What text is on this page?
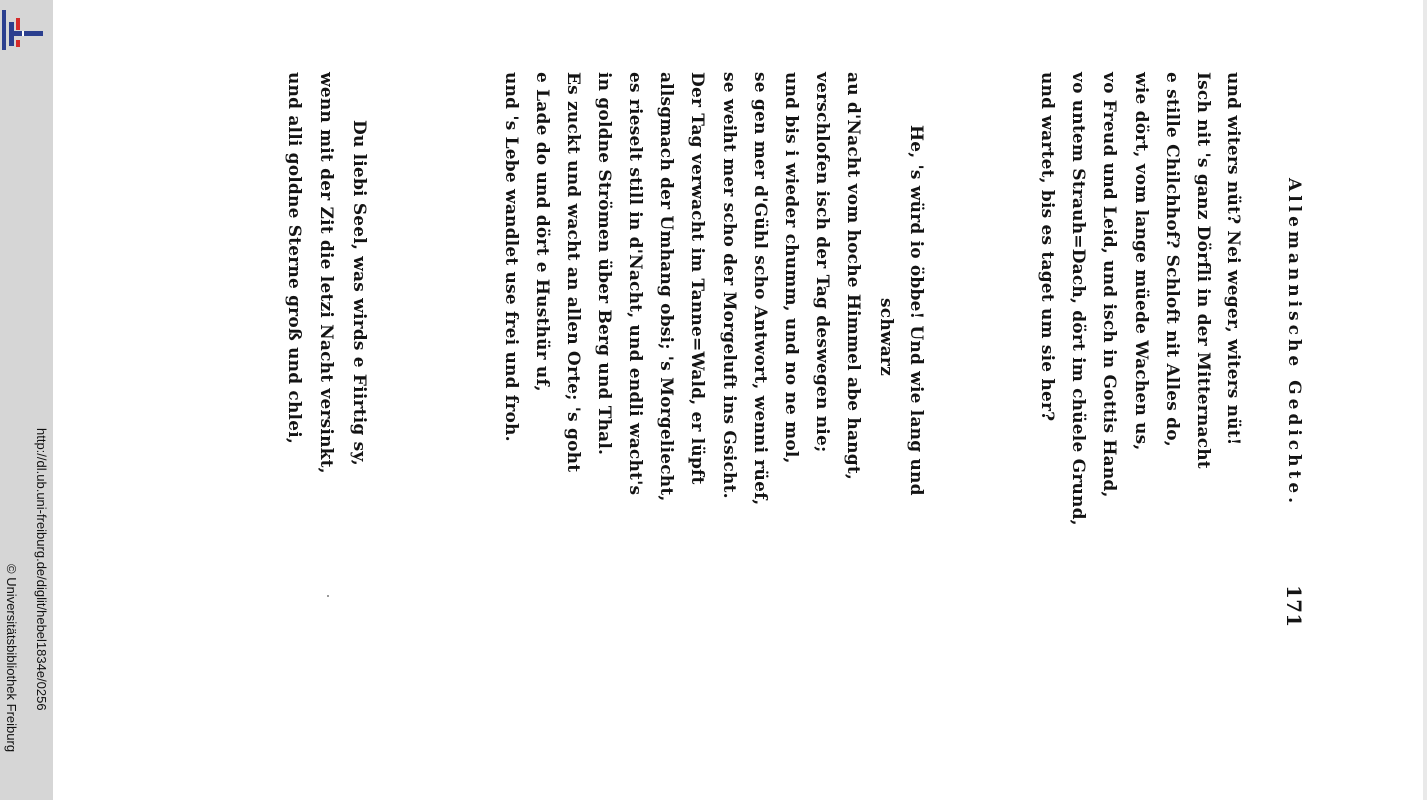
http://dl.ub.uni-freiburg.de/diglit/hebel1834e/0256
© Universitätsbibliothek Freiburg
Allemannische Gedichte.
171
und witers nüt? Nei weger, witers nüt!
Isch nit 's ganz Dörfli in der Mitternacht
e stille Chilchhof? Schloft nit Alles do,
wie dört, vom lange müede Wachen us,
vo Freud und Leid, und isch in Gottis Hand,
vo untem Strauh=Dach, dört im chüele Grund,
und wartet, bis es taget um sie her?
He, 's würd io öbbe! Und wie lang und
schwarz
au d'Nacht vom hoche Himmel abe hangt,
verschlofen isch der Tag deswegen nie;
und bis i wieder chumm, und no ne mol,
se gen mer d'Gühl scho Antwort, wenni rüef,
se weiht mer scho der Morgeluft ins Gsicht.
Der Tag verwacht im Tanne=Wald, er lüpft
allsgmach der Umhang obsi; 's Morgeliecht,
es rieselt still in d'Nacht, und endli wacht's
in goldne Strömen über Berg und Thal.
Es zuckt und wacht an allen Orte; 's goht
e Lade do und dört e Husthür uf,
und 's Lebe wandlet use frei und froh.
Du liebi Seel, was wirds e Fiirtig sy,
wenn mit der Zit die letzi Nacht versinkt,
und alli goldne Sterne groß und chlei,
